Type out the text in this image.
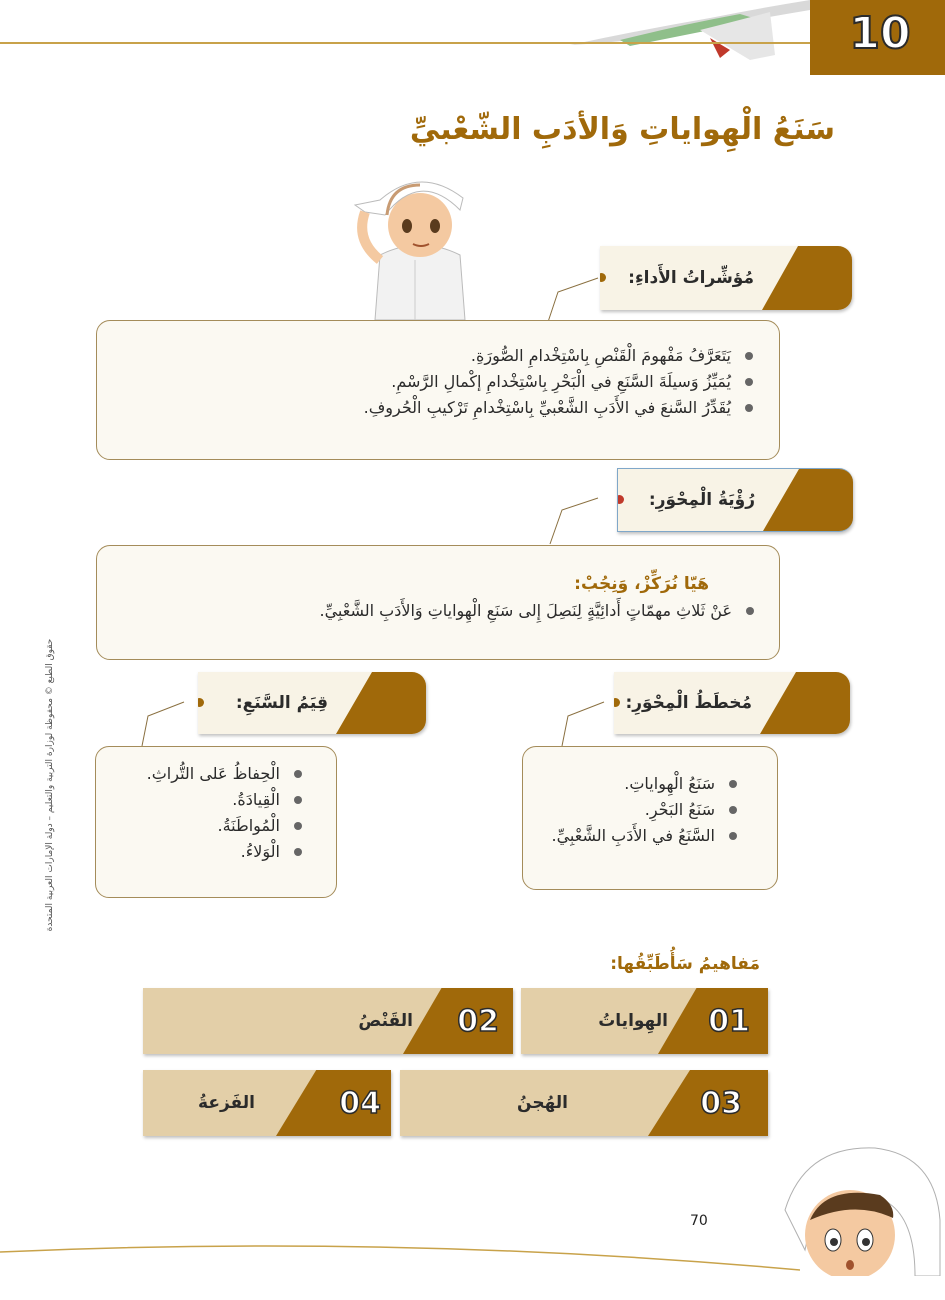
10
سَنَعُ الْهِواياتِ وَالأدَبِ الشّعْبيِّ
مُؤشِّراتُ الأَداءِ:
يَتَعَرَّفُ مَفْهومَ الْقَنْصِ بِاسْتِخْدامِ الصُّورَةِ.
يُمَيِّزُ وَسيلَةَ السَّنَعِ في الْبَحْرِ بِاسْتِخْدامِ إكْمالِ الرَّسْمِ.
يُقَدِّرُ السَّنعَ في الأَدَبِ الشَّعْبيِّ بِاسْتِخْدامِ تَرْكيبِ الْحُروفِ.
رُؤْيَةُ الْمِحْوَرِ:
هَيّا نُرَكِّزْ، وَنِجُبْ:
عَنْ ثَلاثِ مهمّاتٍ أَدائِيَّةٍ لِنَصِلَ إِلى سَنَعِ الْهِواياتِ وَالأَدَبِ الشَّعْبِيِّ.
قِيَمُ السَّنَعِ:
الْحِفاظُ عَلى التُّراثِ.
الْقِيادَةُ.
الْمُواطَنَةُ.
الْوَلاءُ.
مُخطَطُ الْمِحْوَرِ:
سَنَعُ الْهِواياتِ.
سَنَعُ البَحْرِ.
السَّنَعُ في الأَدَبِ الشَّعْبِيِّ.
مَفاهيمُ سَأُطَبِّقُها:
01
الهِواياتُ
02
القَنْصُ
03
الهُجنُ
04
الفَزعةُ
حقوق الطبع © محفوظة لوزارة التربية والتعليم – دولة الإمارات العربية المتحدة
70
